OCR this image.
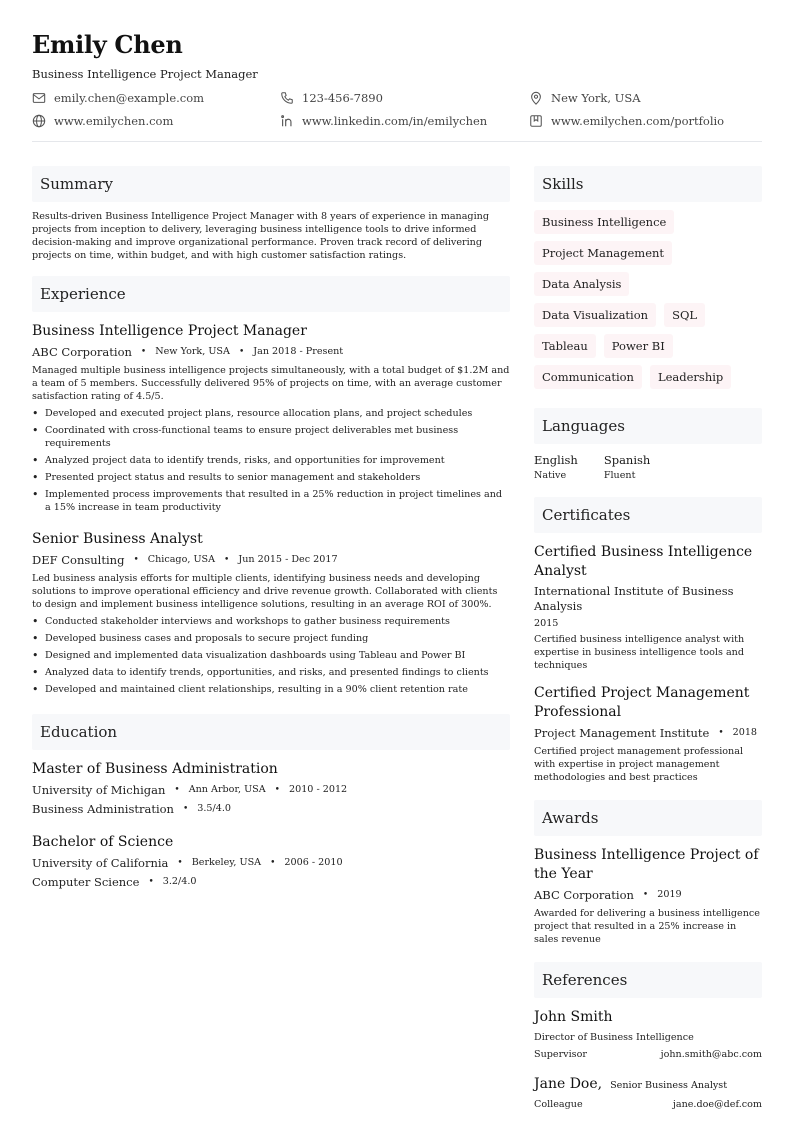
Emily Chen
Business Intelligence Project Manager
emily.chen@example.com	123-456-7890	New York, USA
www.emilychen.com	www.linkedin.com/in/emilychen	www.emilychen.com/portfolio
Summary
Results-driven Business Intelligence Project Manager with 8 years of experience in managing projects from inception to delivery, leveraging business intelligence tools to drive informed decision-making and improve organizational performance. Proven track record of delivering projects on time, within budget, and with high customer satisfaction ratings.
Experience
Business Intelligence Project Manager
ABC Corporation • New York, USA • Jan 2018 - Present
Managed multiple business intelligence projects simultaneously, with a total budget of $1.2M and a team of 5 members. Successfully delivered 95% of projects on time, with an average customer satisfaction rating of 4.5/5.
• Developed and executed project plans, resource allocation plans, and project schedules
• Coordinated with cross-functional teams to ensure project deliverables met business requirements
• Analyzed project data to identify trends, risks, and opportunities for improvement
• Presented project status and results to senior management and stakeholders
• Implemented process improvements that resulted in a 25% reduction in project timelines and a 15% increase in team productivity
Senior Business Analyst
DEF Consulting • Chicago, USA • Jun 2015 - Dec 2017
Led business analysis efforts for multiple clients, identifying business needs and developing solutions to improve operational efficiency and drive revenue growth. Collaborated with clients to design and implement business intelligence solutions, resulting in an average ROI of 300%.
• Conducted stakeholder interviews and workshops to gather business requirements
• Developed business cases and proposals to secure project funding
• Designed and implemented data visualization dashboards using Tableau and Power BI
• Analyzed data to identify trends, opportunities, and risks, and presented findings to clients
• Developed and maintained client relationships, resulting in a 90% client retention rate
Education
Master of Business Administration
University of Michigan • Ann Arbor, USA • 2010 - 2012
Business Administration • 3.5/4.0
Bachelor of Science
University of California • Berkeley, USA • 2006 - 2010
Computer Science • 3.2/4.0
Skills
Business Intelligence
Project Management
Data Analysis
Data Visualization	SQL
Tableau	Power BI
Communication	Leadership
Languages
English
Native
Spanish
Fluent
Certificates
Certified Business Intelligence Analyst
International Institute of Business Analysis
2015
Certified business intelligence analyst with expertise in business intelligence tools and techniques
Certified Project Management Professional
Project Management Institute • 2018
Certified project management professional with expertise in project management methodologies and best practices
Awards
Business Intelligence Project of the Year
ABC Corporation • 2019
Awarded for delivering a business intelligence project that resulted in a 25% increase in sales revenue
References
John Smith
Director of Business Intelligence
Supervisor	john.smith@abc.com
Jane Doe, Senior Business Analyst
Colleague	jane.doe@def.com
